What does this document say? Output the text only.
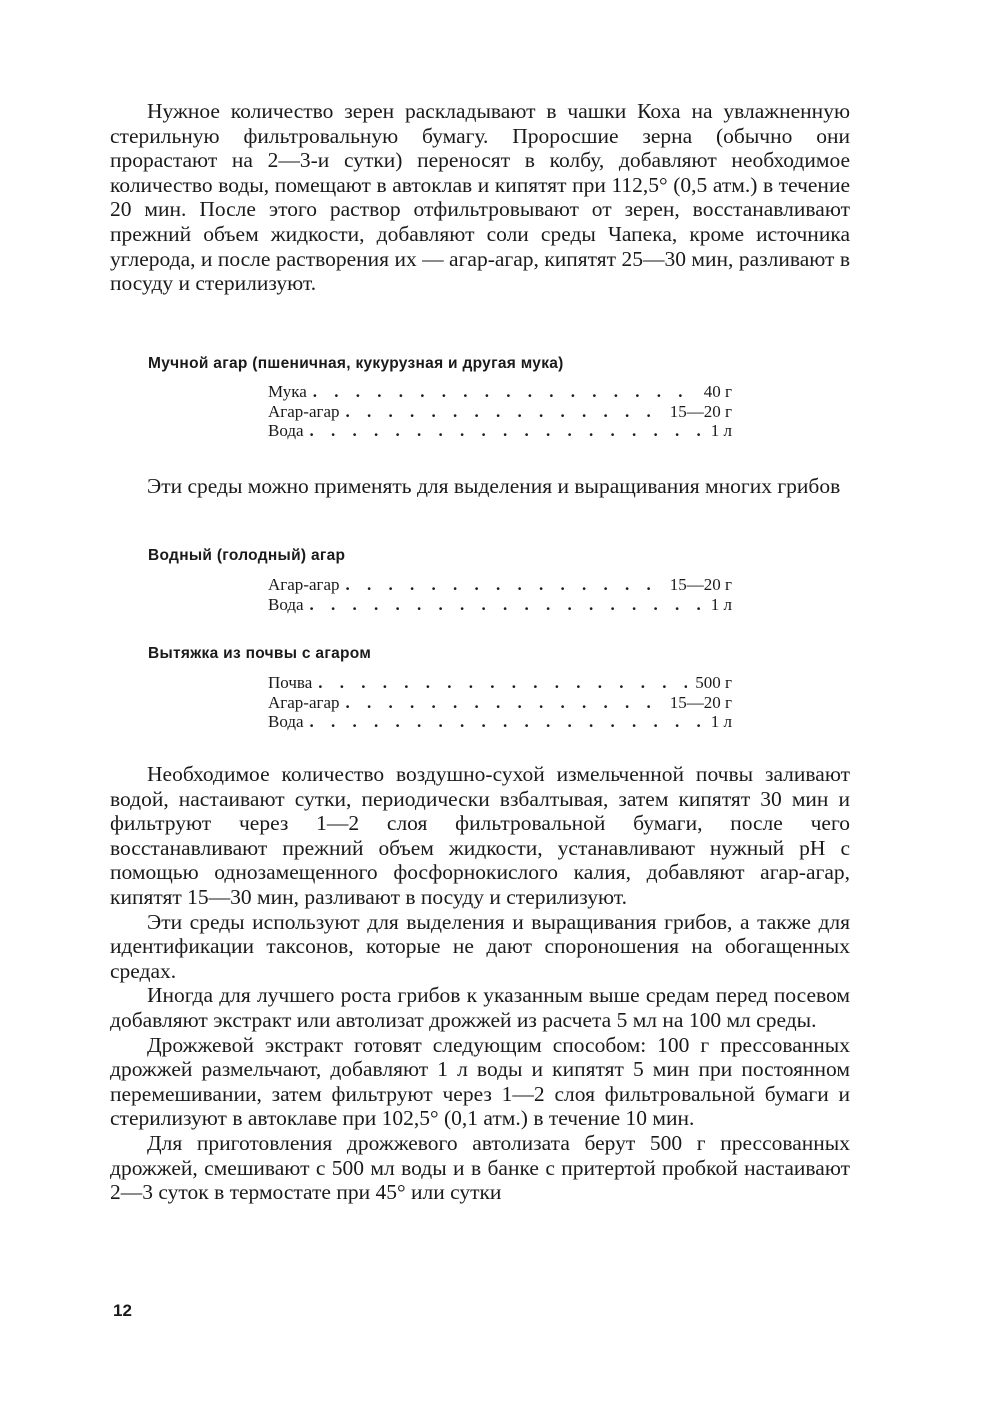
Нужное количество зерен раскладывают в чашки Коха на увлажненную стерильную фильтровальную бумагу. Проросшие зерна (обычно они прорастают на 2—3-и сутки) переносят в колбу, добавляют необходимое количество воды, помещают в автоклав и кипятят при 112,5° (0,5 атм.) в течение 20 мин. После этого раствор отфильтровывают от зерен, восстанавливают прежний объем жидкости, добавляют соли среды Чапека, кроме источника углерода, и после растворения их — агар-агар, кипятят 25—30 мин, разливают в посуду и стерилизуют.

Мучной агар (пшеничная, кукурузная и другая мука)

Мука . . .	40 г
Агар-агар . . .	15—20 г
Вода . . .	1 л

Эти среды можно применять для выделения и выращивания многих грибов

Водный (голодный) агар

Агар-агар . . .	15—20 г
Вода . . .	1 л

Вытяжка из почвы с агаром

Почва . . .	500 г
Агар-агар . . .	15—20 г
Вода . . .	1 л

Необходимое количество воздушно-сухой измельченной почвы заливают водой, настаивают сутки, периодически взбалтывая, затем кипятят 30 мин и фильтруют через 1—2 слоя фильтровальной бумаги, после чего восстанавливают прежний объем жидкости, устанавливают нужный pH с помощью однозамещенного фосфорнокислого калия, добавляют агар-агар, кипятят 15—30 мин, разливают в посуду и стерилизуют.

Эти среды используют для выделения и выращивания грибов, а также для идентификации таксонов, которые не дают спороношения на обогащенных средах.

Иногда для лучшего роста грибов к указанным выше средам перед посевом добавляют экстракт или автолизат дрожжей из расчета 5 мл на 100 мл среды.

Дрожжевой экстракт готовят следующим способом: 100 г прессованных дрожжей размельчают, добавляют 1 л воды и кипятят 5 мин при постоянном перемешивании, затем фильтруют через 1—2 слоя фильтровальной бумаги и стерилизуют в автоклаве при 102,5° (0,1 атм.) в течение 10 мин.

Для приготовления дрожжевого автолизата берут 500 г прессованных дрожжей, смешивают с 500 мл воды и в банке с притертой пробкой настаивают 2—3 суток в термостате при 45° или сутки

12
